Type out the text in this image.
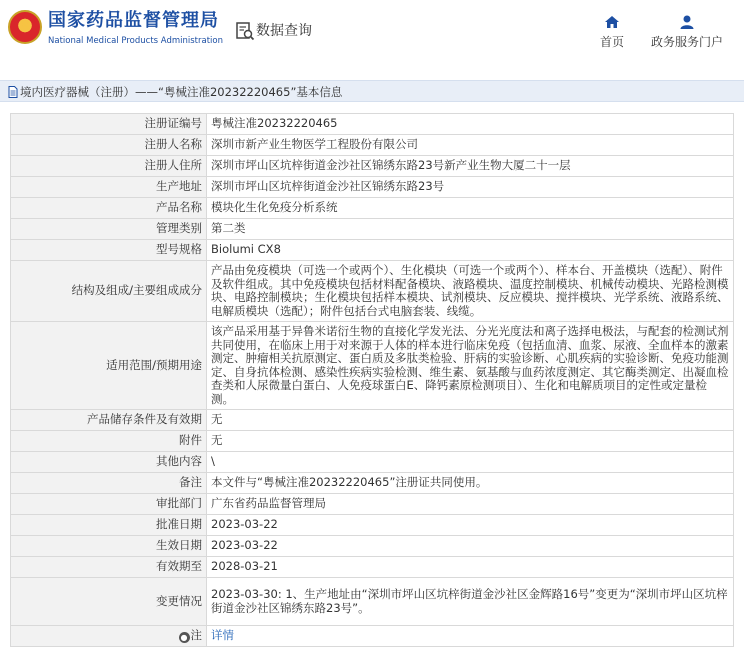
★ 国家药品监督管理局
National Medical Products Administration
数据查询
首页 政务服务门户
境内医疗器械（注册）——“粤械注准20232220465”基本信息
注册证编号	粤械注准20232220465
注册人名称	深圳市新产业生物医学工程股份有限公司
注册人住所	深圳市坪山区坑梓街道金沙社区锦绣东路23号新产业生物大厦二十一层
生产地址	深圳市坪山区坑梓街道金沙社区锦绣东路23号
产品名称	模块化生化免疫分析系统
管理类别	第二类
型号规格	Biolumi CX8
结构及组成/主要组成成分	产品由免疫模块（可选一个或两个）、生化模块（可选一个或两个）、样本台、开盖模块（选配）、附件及软件组成。其中免疫模块包括材料配备模块、液路模块、温度控制模块、机械传动模块、光路检测模块、电路控制模块；生化模块包括样本模块、试剂模块、反应模块、搅拌模块、光学系统、液路系统、电解质模块（选配）；附件包括台式电脑套装、线缆。
适用范围/预期用途	该产品采用基于异鲁米诺衍生物的直接化学发光法、分光光度法和离子选择电极法，与配套的检测试剂共同使用，在临床上用于对来源于人体的样本进行临床免疫（包括血清、血浆、尿液、全血样本的激素测定、肿瘤相关抗原测定、蛋白质及多肽类检验、肝病的实验诊断、心肌疾病的实验诊断、免疫功能测定、自身抗体检测、感染性疾病实验检测、维生素、氨基酸与血药浓度测定、其它酶类测定、出凝血检查类和人尿微量白蛋白、人免疫球蛋白E、降钙素原检测项目）、生化和电解质项目的定性或定量检测。
产品储存条件及有效期	无
附件	无
其他内容	\
备注	本文件与“粤械注准20232220465”注册证共同使用。
审批部门	广东省药品监督管理局
批准日期	2023-03-22
生效日期	2023-03-22
有效期至	2028-03-21
变更情况	2023-03-30: 1、生产地址由“深圳市坪山区坑梓街道金沙社区金辉路16号”变更为“深圳市坪山区坑梓街道金沙社区锦绣东路23号”。
● 注	详情
